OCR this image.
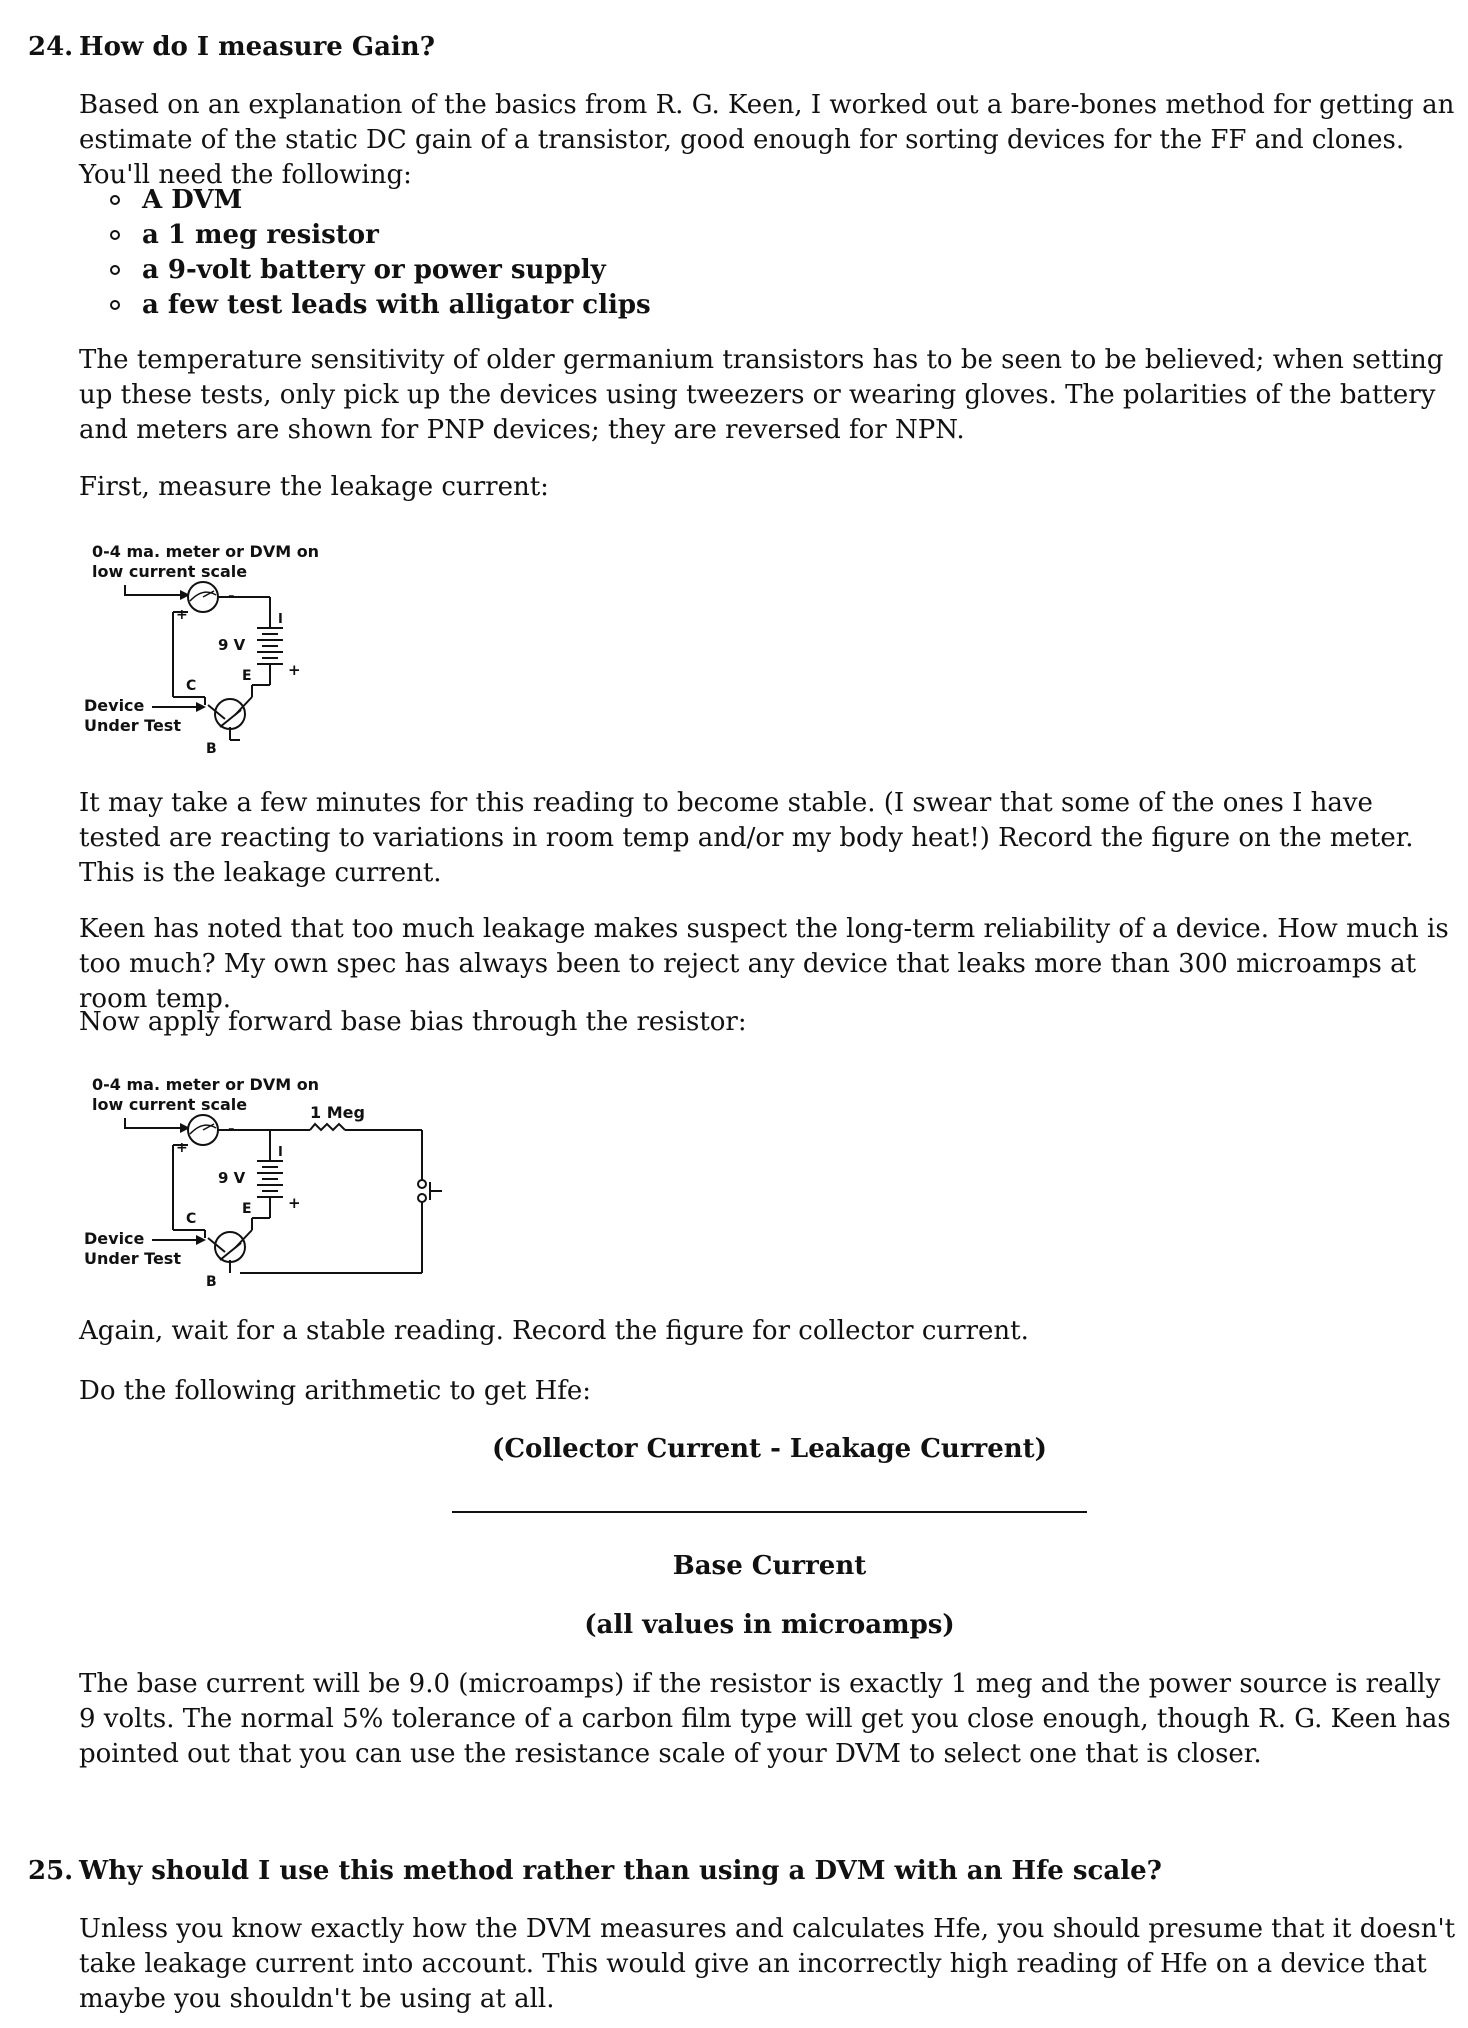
24. How do I measure Gain?
Based on an explanation of the basics from R. G. Keen, I worked out a bare-bones method for getting an estimate of the static DC gain of a transistor, good enough for sorting devices for the FF and clones. You'll need the following:
A DVM
a 1 meg resistor
a 9-volt battery or power supply
a few test leads with alligator clips
The temperature sensitivity of older germanium transistors has to be seen to be believed; when setting up these tests, only pick up the devices using tweezers or wearing gloves. The polarities of the battery and meters are shown for PNP devices; they are reversed for NPN.
First, measure the leakage current:
0-4 ma. meter or DVM on
low current scale
+
-
I
9 V
+
C
E
B
Device
Under Test
It may take a few minutes for this reading to become stable. (I swear that some of the ones I have tested are reacting to variations in room temp and/or my body heat!) Record the figure on the meter. This is the leakage current.
Keen has noted that too much leakage makes suspect the long-term reliability of a device. How much is too much? My own spec has always been to reject any device that leaks more than 300 microamps at room temp.
Now apply forward base bias through the resistor:
0-4 ma. meter or DVM on
low current scale	1 Meg
+
-
I
9 V
+
C
E
B
Device
Under Test
Again, wait for a stable reading. Record the figure for collector current.
Do the following arithmetic to get Hfe:
(Collector Current - Leakage Current)
Base Current
(all values in microamps)
The base current will be 9.0 (microamps) if the resistor is exactly 1 meg and the power source is really 9 volts. The normal 5% tolerance of a carbon film type will get you close enough, though R. G. Keen has pointed out that you can use the resistance scale of your DVM to select one that is closer.
25. Why should I use this method rather than using a DVM with an Hfe scale?
Unless you know exactly how the DVM measures and calculates Hfe, you should presume that it doesn't take leakage current into account. This would give an incorrectly high reading of Hfe on a device that maybe you shouldn't be using at all.
